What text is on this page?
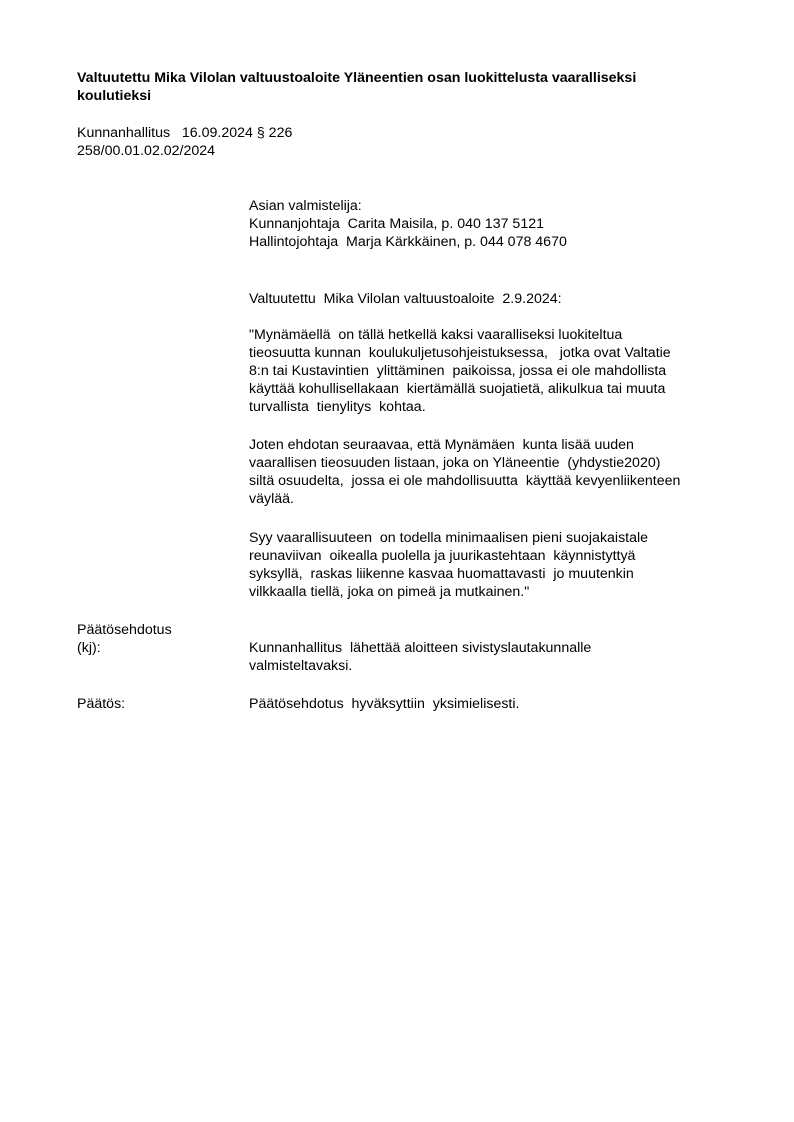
Valtuutettu Mika Vilolan valtuustoaloite Yläneentien osan luokittelusta vaaralliseksi
koulutieksi
Kunnanhallitus   16.09.2024 § 226
258/00.01.02.02/2024
Asian valmistelija:
Kunnanjohtaja  Carita Maisila, p. 040 137 5121
Hallintojohtaja  Marja Kärkkäinen, p. 044 078 4670
Valtuutettu  Mika Vilolan valtuustoaloite  2.9.2024:
"Mynämäellä  on tällä hetkellä kaksi vaaralliseksi luokiteltua
tieosuutta kunnan  koulukuljetusohjeistuksessa,   jotka ovat Valtatie
8:n tai Kustavintien  ylittäminen  paikoissa, jossa ei ole mahdollista
käyttää kohullisellakaan  kiertämällä suojatietä, alikulkua tai muuta
turvallista  tienylitys  kohtaa.
Joten ehdotan seuraavaa, että Mynämäen  kunta lisää uuden
vaarallisen tieosuuden listaan, joka on Yläneentie  (yhdystie2020)
siltä osuudelta,  jossa ei ole mahdollisuutta  käyttää kevyenliikenteen
väylää.
Syy vaarallisuuteen  on todella minimaalisen pieni suojakaistale
reunaviivan  oikealla puolella ja juurikastehtaan  käynnistyttyä
syksyllä,  raskas liikenne kasvaa huomattavasti  jo muutenkin
vilkkaalla tiellä, joka on pimeä ja mutkainen."
Päätösehdotus
(kj):	Kunnanhallitus  lähettää aloitteen sivistyslautakunnalle
valmisteltavaksi.
Päätös:	Päätösehdotus  hyväksyttiin  yksimielisesti.
